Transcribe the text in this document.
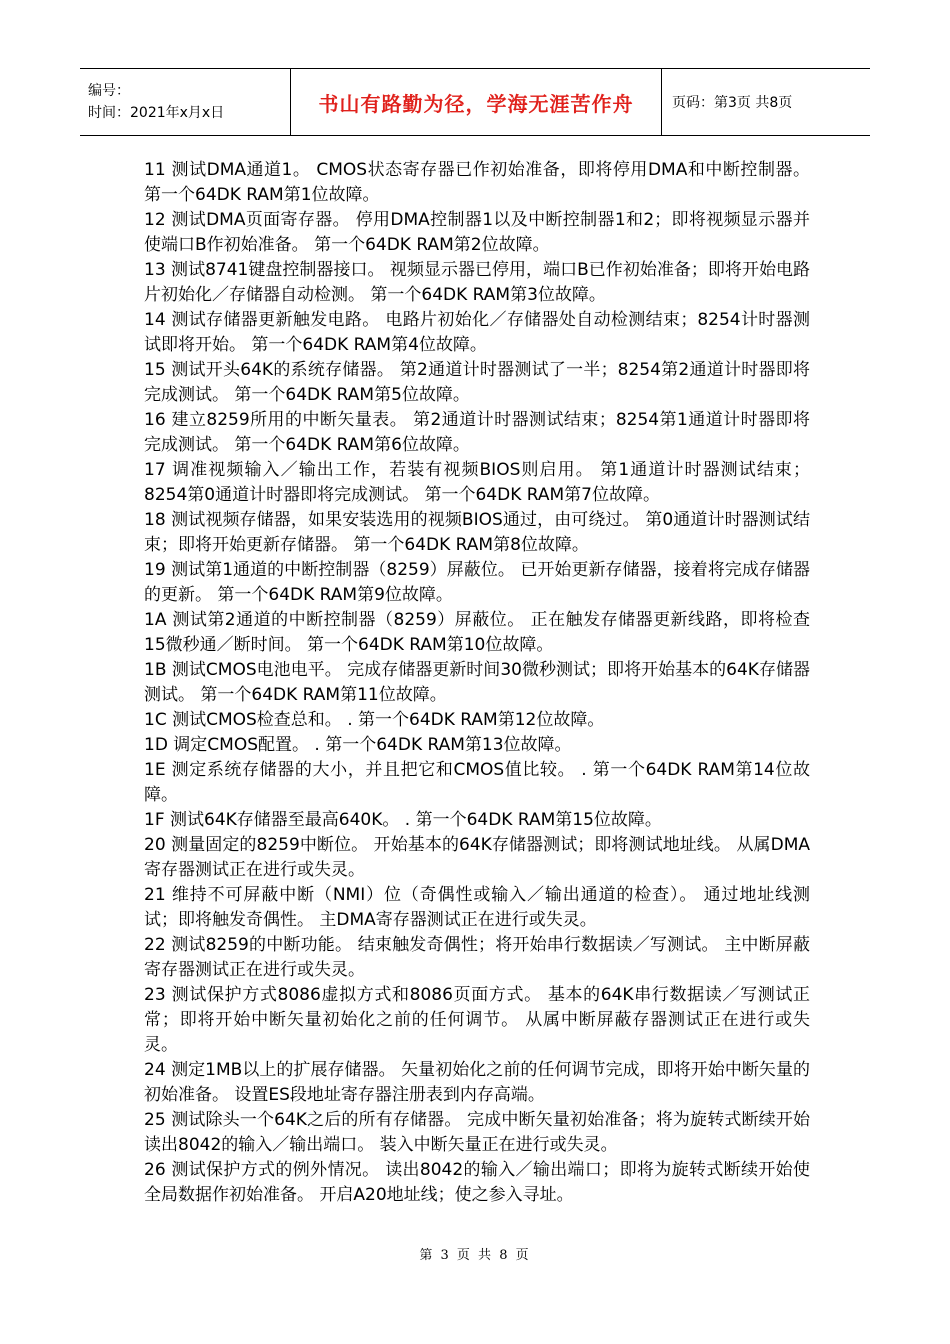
编号：
时间：2021年x月x日	书山有路勤为径，学海无涯苦作舟	页码：第3页 共8页

11 测试DMA通道1。 CMOS状态寄存器已作初始准备，即将停用DMA和中断控制器。 第一个64DK RAM第1位故障。

12 测试DMA页面寄存器。 停用DMA控制器1以及中断控制器1和2；即将视频显示器并使端口B作初始准备。 第一个64DK RAM第2位故障。

13 测试8741键盘控制器接口。 视频显示器已停用，端口B已作初始准备；即将开始电路片初始化／存储器自动检测。 第一个64DK RAM第3位故障。

14 测试存储器更新触发电路。 电路片初始化／存储器处自动检测结束；8254计时器测试即将开始。 第一个64DK RAM第4位故障。

15 测试开头64K的系统存储器。 第2通道计时器测试了一半；8254第2通道计时器即将完成测试。 第一个64DK RAM第5位故障。

16 建立8259所用的中断矢量表。 第2通道计时器测试结束；8254第1通道计时器即将完成测试。 第一个64DK RAM第6位故障。

17 调准视频输入／输出工作，若装有视频BIOS则启用。 第1通道计时器测试结束；8254第0通道计时器即将完成测试。 第一个64DK RAM第7位故障。

18 测试视频存储器，如果安装选用的视频BIOS通过，由可绕过。 第0通道计时器测试结束；即将开始更新存储器。 第一个64DK RAM第8位故障。

19 测试第1通道的中断控制器（8259）屏蔽位。 已开始更新存储器，接着将完成存储器的更新。 第一个64DK RAM第9位故障。

1A 测试第2通道的中断控制器（8259）屏蔽位。 正在触发存储器更新线路，即将检查15微秒通／断时间。 第一个64DK RAM第10位故障。

1B 测试CMOS电池电平。 完成存储器更新时间30微秒测试；即将开始基本的64K存储器测试。 第一个64DK RAM第11位故障。

1C 测试CMOS检查总和。 . 第一个64DK RAM第12位故障。

1D 调定CMOS配置。 . 第一个64DK RAM第13位故障。

1E 测定系统存储器的大小，并且把它和CMOS值比较。 . 第一个64DK RAM第14位故障。

1F 测试64K存储器至最高640K。 . 第一个64DK RAM第15位故障。

20 测量固定的8259中断位。 开始基本的64K存储器测试；即将测试地址线。 从属DMA寄存器测试正在进行或失灵。

21 维持不可屏蔽中断（NMI）位（奇偶性或输入／输出通道的检查）。 通过地址线测试；即将触发奇偶性。 主DMA寄存器测试正在进行或失灵。

22 测试8259的中断功能。 结束触发奇偶性；将开始串行数据读／写测试。 主中断屏蔽寄存器测试正在进行或失灵。

23 测试保护方式8086虚拟方式和8086页面方式。 基本的64K串行数据读／写测试正常；即将开始中断矢量初始化之前的任何调节。 从属中断屏蔽存器测试正在进行或失灵。

24 测定1MB以上的扩展存储器。 矢量初始化之前的任何调节完成，即将开始中断矢量的初始准备。 设置ES段地址寄存器注册表到内存高端。

25 测试除头一个64K之后的所有存储器。 完成中断矢量初始准备；将为旋转式断续开始读出8042的输入／输出端口。 装入中断矢量正在进行或失灵。

26 测试保护方式的例外情况。 读出8042的输入／输出端口；即将为旋转式断续开始使全局数据作初始准备。 开启A20地址线；使之参入寻址。

第 3 页 共 8 页
